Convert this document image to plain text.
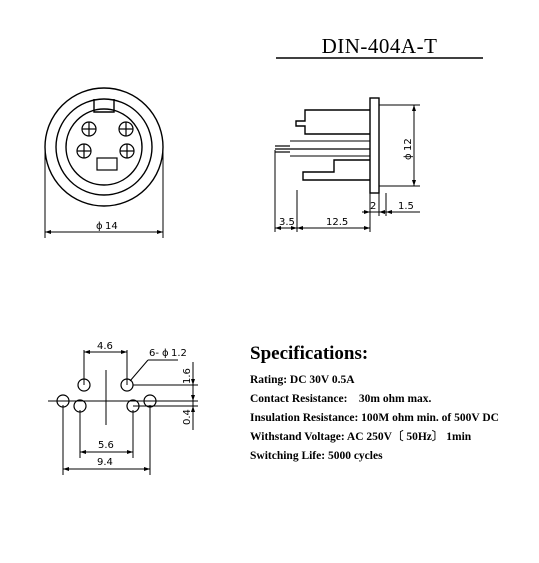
DIN-404A-T
ϕ 14
ϕ
12
3.5	12.5
2 1.5
4.6
6- ϕ 1.2
1.6
0.4
5.6
9.4
Specifications:
Rating: DC 30V 0.5A
Contact Resistance:    30m ohm max.
Insulation Resistance: 100M ohm min. of 500V DC
Withstand Voltage: AC 250V〔 50Hz〕 1min
Switching Life: 5000 cycles
